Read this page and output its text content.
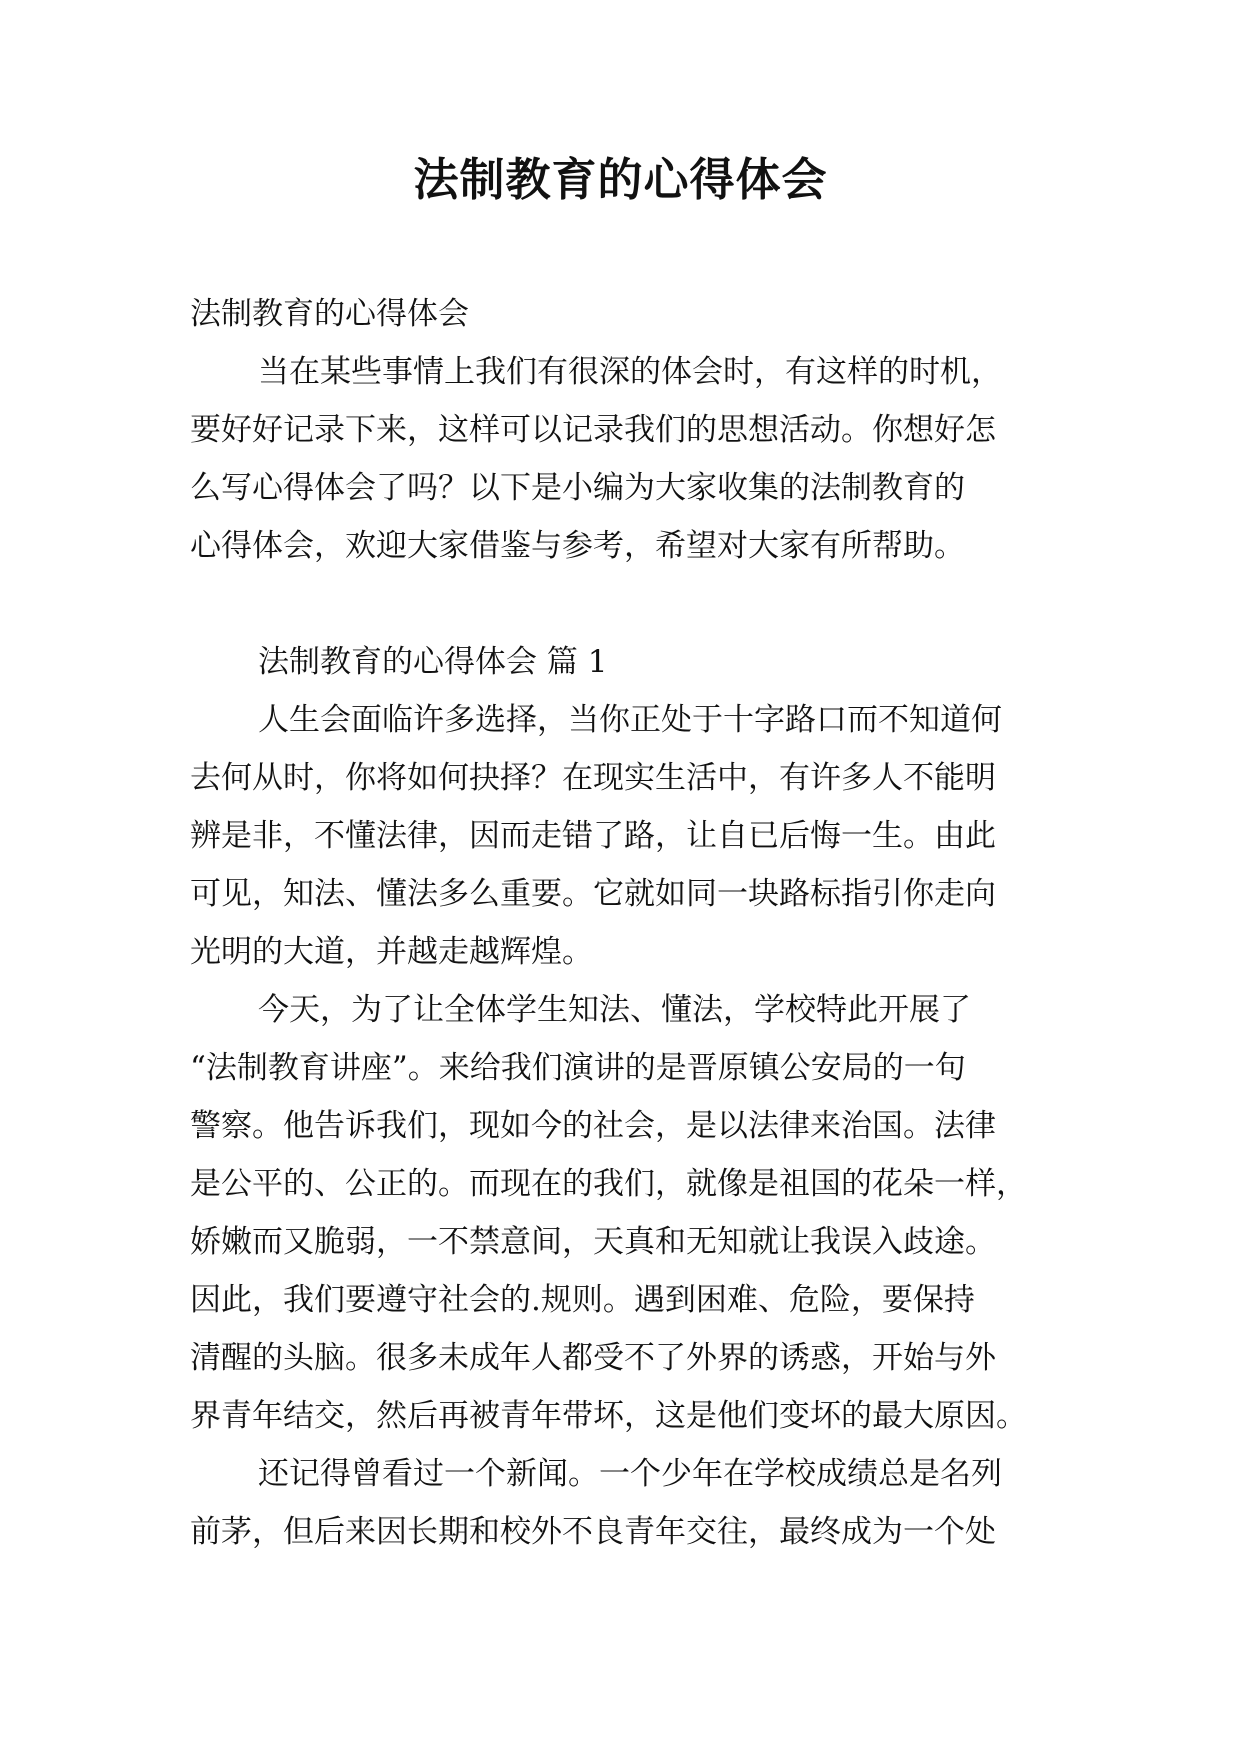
法制教育的心得体会
法制教育的心得体会
当在某些事情上我们有很深的体会时，有这样的时机，
要好好记录下来，这样可以记录我们的思想活动。你想好怎
么写心得体会了吗？以下是小编为大家收集的法制教育的
心得体会，欢迎大家借鉴与参考，希望对大家有所帮助。
法制教育的心得体会 篇 1
人生会面临许多选择，当你正处于十字路口而不知道何
去何从时，你将如何抉择？在现实生活中，有许多人不能明
辨是非，不懂法律，因而走错了路，让自已后悔一生。由此
可见，知法、懂法多么重要。它就如同一块路标指引你走向
光明的大道，并越走越辉煌。
今天，为了让全体学生知法、懂法，学校特此开展了
“法制教育讲座”。来给我们演讲的是晋原镇公安局的一句
警察。他告诉我们，现如今的社会，是以法律来治国。法律
是公平的、公正的。而现在的我们，就像是祖国的花朵一样，
娇嫩而又脆弱，一不禁意间，天真和无知就让我误入歧途。
因此，我们要遵守社会的.规则。遇到困难、危险，要保持
清醒的头脑。很多未成年人都受不了外界的诱惑，开始与外
界青年结交，然后再被青年带坏，这是他们变坏的最大原因。
还记得曾看过一个新闻。一个少年在学校成绩总是名列
前茅，但后来因长期和校外不良青年交往，最终成为一个处
